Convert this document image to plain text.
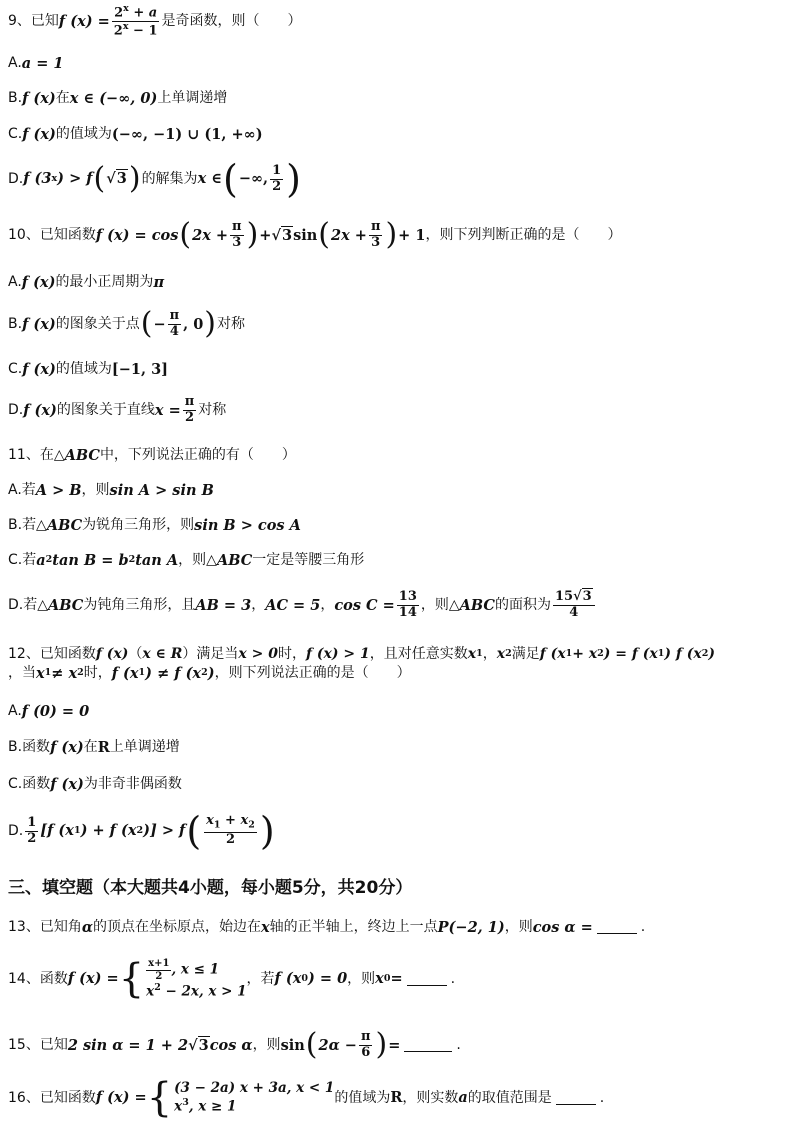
9、 已知 f $(x) = \frac{2^x + a}{2^x - 1}$ 是奇函数，则（　　）
A. a = 1
B. f (x) 在 x ∈ (−∞, 0) 上单调递增
C. f (x) 的值域为 (−∞, −1) ∪ (1, +∞)
D. f (3 x ) > f ( √3 ) 的解集为 x ∈ ( −∞, $\frac{1}{2}$ )
10、 已知函数 f (x) = cos ( $2x + \frac{\pi}{3}$ ) + √3 sin ( $2x + \frac{\pi}{3}$ ) + 1 ，则下列判断正确的是（　　）
A. f (x) 的最小正周期为 π
B. f (x) 的图象关于点 ( − $\frac{\pi}{4}$ , 0 ) 对称
C. f (x) 的值域为 [−1, 3]
D. f (x) 的图象关于直线 $x = \frac{\pi}{2}$ 对称
11、 在△ ABC 中，下列说法正确的有（　　）
A. 若 A > B ，则 sin A > sin B
B. 若△ ABC 为锐角三角形，则 sin B > cos A
C. 若 a 2 tan B = b 2 tan A ，则△ ABC 一定是等腰三角形
D. 若△ ABC 为钝角三角形，且 AB = 3 ， AC = 5 ， $\cos C = \frac{13}{14}$ ，则△ ABC 的面积为 $\frac{15√3}{4}$
12、 已知函数 f (x) （ x ∈ R ）满足当 x > 0 时， f (x) > 1 ，且对任意实数 x 1 ， x 2 满足 f (x 1 + x 2 ) = f (x 1 ) f (x 2 )
，当 x 1 ≠ x 2 时， f (x 1 ) ≠ f (x 2 ) ，则下列说法正确的是（　　）
A. f (0) = 0
B. 函数 f (x) 在 R 上单调递增
C. 函数 f (x) 为非奇非偶函数
D. $\frac{1}{2} [f$ (x 1 ) + f (x 2 )] > f ( $\frac{x_1 + x_2}{2}$ )
三、填空题（本大题共4小题，每小题5分，共20分）
13、 已知角 α 的顶点在坐标原点，始边在 x 轴的正半轴上，终边上一点 P(−2, 1) ，则 cos α =	.
14、 函数 f (x) = { $\frac{x+1}{2}$ , x ≤ 1
$x^2 - 2x$, x > 1
，若 f (x 0 ) = 0 ，则 x 0 =	.
15、 已知 2 sin α = 1 + 2 √3 cos α ，则 sin ( $2\alpha - \frac{\pi}{6}$ ) =	.
16、 已知函数 f (x) = { (3 − 2a) x + 3a, x < 1
$x^3$, x ≥ 1
的值域为 R ，则实数 a 的取值范围是	.
